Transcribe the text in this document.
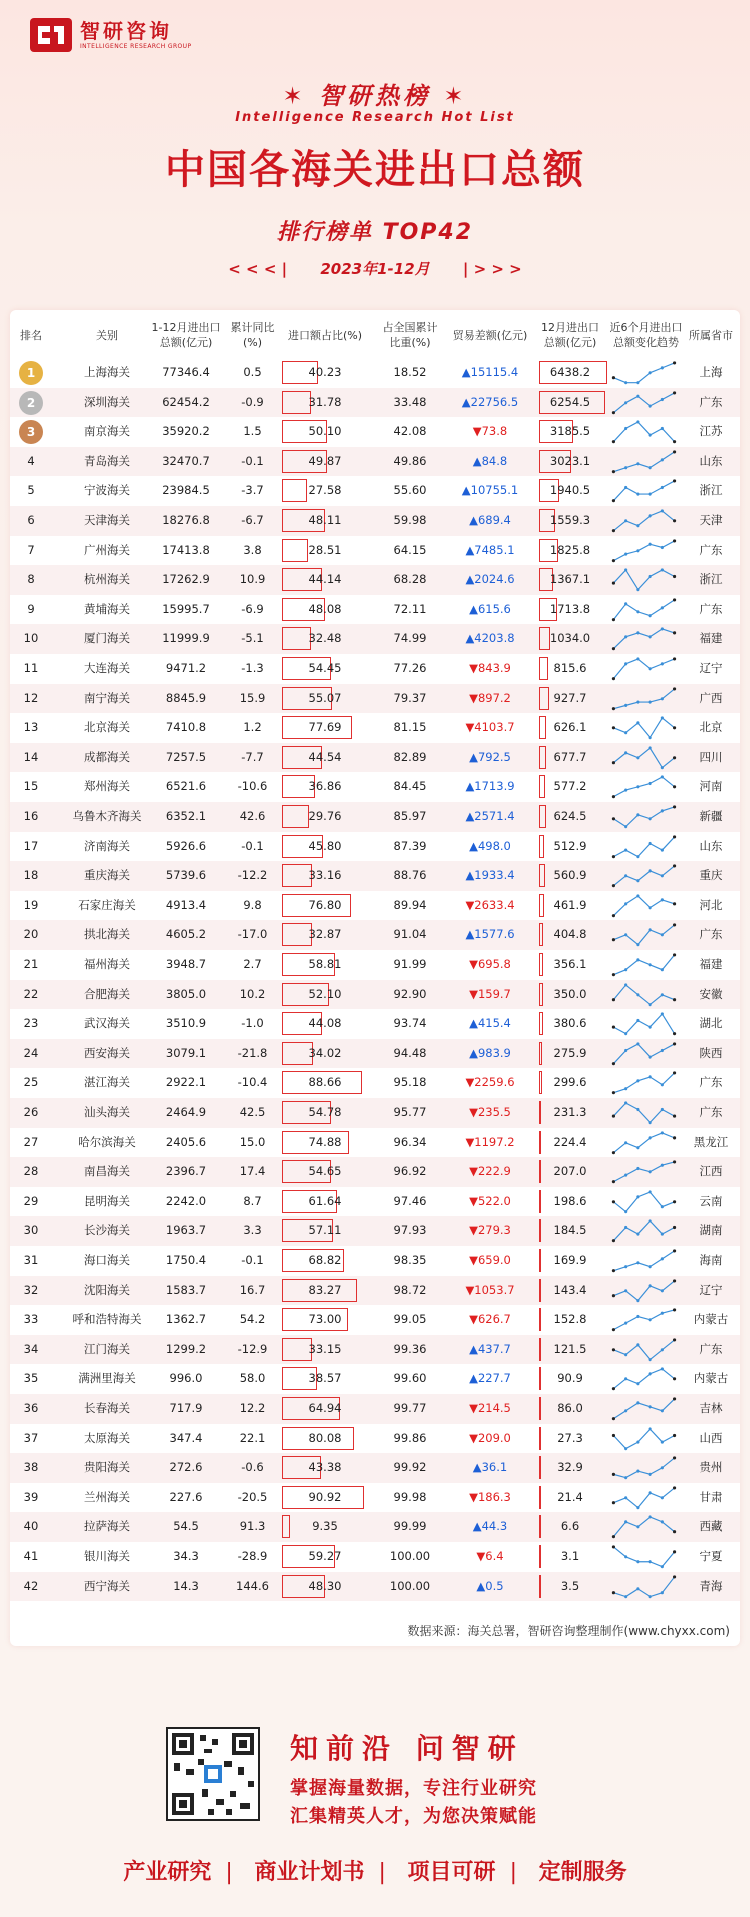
智研咨询
INTELLIGENCE RESEARCH GROUP
✶ 智研热榜 ✶
Intelligence Research Hot List
中国各海关进出口总额
排行榜单 TOP42
< < < | 2023年1-12月 | > > >
排名	关别
1-12月进出口
总额(亿元)
累计同比
(%)
进口额占比(%)
占全国累计
比重(%)
贸易差额(亿元)
12月进出口
总额(亿元)
近6个月进出口
总额变化趋势
所属省市
1	上海海关	77346.4	0.5	40.23	18.52	▲15115.4	6438.2	上海
2	深圳海关	62454.2	-0.9	31.78	33.48	▲22756.5	6254.5	广东
3	南京海关	35920.2	1.5	50.10	42.08	▼73.8	3185.5	江苏
4	青岛海关	32470.7	-0.1	49.87	49.86	▲84.8	3023.1	山东
5	宁波海关	23984.5	-3.7	27.58	55.60	▲10755.1	1940.5	浙江
6	天津海关	18276.8	-6.7	48.11	59.98	▲689.4	1559.3	天津
7	广州海关	17413.8	3.8	28.51	64.15	▲7485.1	1825.8	广东
8	杭州海关	17262.9	10.9	44.14	68.28	▲2024.6	1367.1	浙江
9	黄埔海关	15995.7	-6.9	48.08	72.11	▲615.6	1713.8	广东
10	厦门海关	11999.9	-5.1	32.48	74.99	▲4203.8	1034.0	福建
11	大连海关	9471.2	-1.3	54.45	77.26	▼843.9	815.6	辽宁
12	南宁海关	8845.9	15.9	55.07	79.37	▼897.2	927.7	广西
13	北京海关	7410.8	1.2	77.69	81.15	▼4103.7	626.1	北京
14	成都海关	7257.5	-7.7	44.54	82.89	▲792.5	677.7	四川
15	郑州海关	6521.6	-10.6	36.86	84.45	▲1713.9	577.2	河南
16	乌鲁木齐海关	6352.1	42.6	29.76	85.97	▲2571.4	624.5	新疆
17	济南海关	5926.6	-0.1	45.80	87.39	▲498.0	512.9	山东
18	重庆海关	5739.6	-12.2	33.16	88.76	▲1933.4	560.9	重庆
19	石家庄海关	4913.4	9.8	76.80	89.94	▼2633.4	461.9	河北
20	拱北海关	4605.2	-17.0	32.87	91.04	▲1577.6	404.8	广东
21	福州海关	3948.7	2.7	58.81	91.99	▼695.8	356.1	福建
22	合肥海关	3805.0	10.2	52.10	92.90	▼159.7	350.0	安徽
23	武汉海关	3510.9	-1.0	44.08	93.74	▲415.4	380.6	湖北
24	西安海关	3079.1	-21.8	34.02	94.48	▲983.9	275.9	陕西
25	湛江海关	2922.1	-10.4	88.66	95.18	▼2259.6	299.6	广东
26	汕头海关	2464.9	42.5	54.78	95.77	▼235.5	231.3	广东
27	哈尔滨海关	2405.6	15.0	74.88	96.34	▼1197.2	224.4	黑龙江
28	南昌海关	2396.7	17.4	54.65	96.92	▼222.9	207.0	江西
29	昆明海关	2242.0	8.7	61.64	97.46	▼522.0	198.6	云南
30	长沙海关	1963.7	3.3	57.11	97.93	▼279.3	184.5	湖南
31	海口海关	1750.4	-0.1	68.82	98.35	▼659.0	169.9	海南
32	沈阳海关	1583.7	16.7	83.27	98.72	▼1053.7	143.4	辽宁
33	呼和浩特海关	1362.7	54.2	73.00	99.05	▼626.7	152.8	内蒙古
34	江门海关	1299.2	-12.9	33.15	99.36	▲437.7	121.5	广东
35	满洲里海关	996.0	58.0	38.57	99.60	▲227.7	90.9	内蒙古
36	长春海关	717.9	12.2	64.94	99.77	▼214.5	86.0	吉林
37	太原海关	347.4	22.1	80.08	99.86	▼209.0	27.3	山西
38	贵阳海关	272.6	-0.6	43.38	99.92	▲36.1	32.9	贵州
39	兰州海关	227.6	-20.5	90.92	99.98	▼186.3	21.4	甘肃
40	拉萨海关	54.5	91.3	9.35	99.99	▲44.3	6.6	西藏
41	银川海关	34.3	-28.9	59.27	100.00	▼6.4	3.1	宁夏
42	西宁海关	14.3	144.6	48.30	100.00	▲0.5	3.5	青海
数据来源：海关总署，智研咨询整理制作(www.chyxx.com)
知前沿 问智研
掌握海量数据，专注行业研究
汇集精英人才，为您决策赋能
产业研究 | 商业计划书 | 项目可研 | 定制服务
